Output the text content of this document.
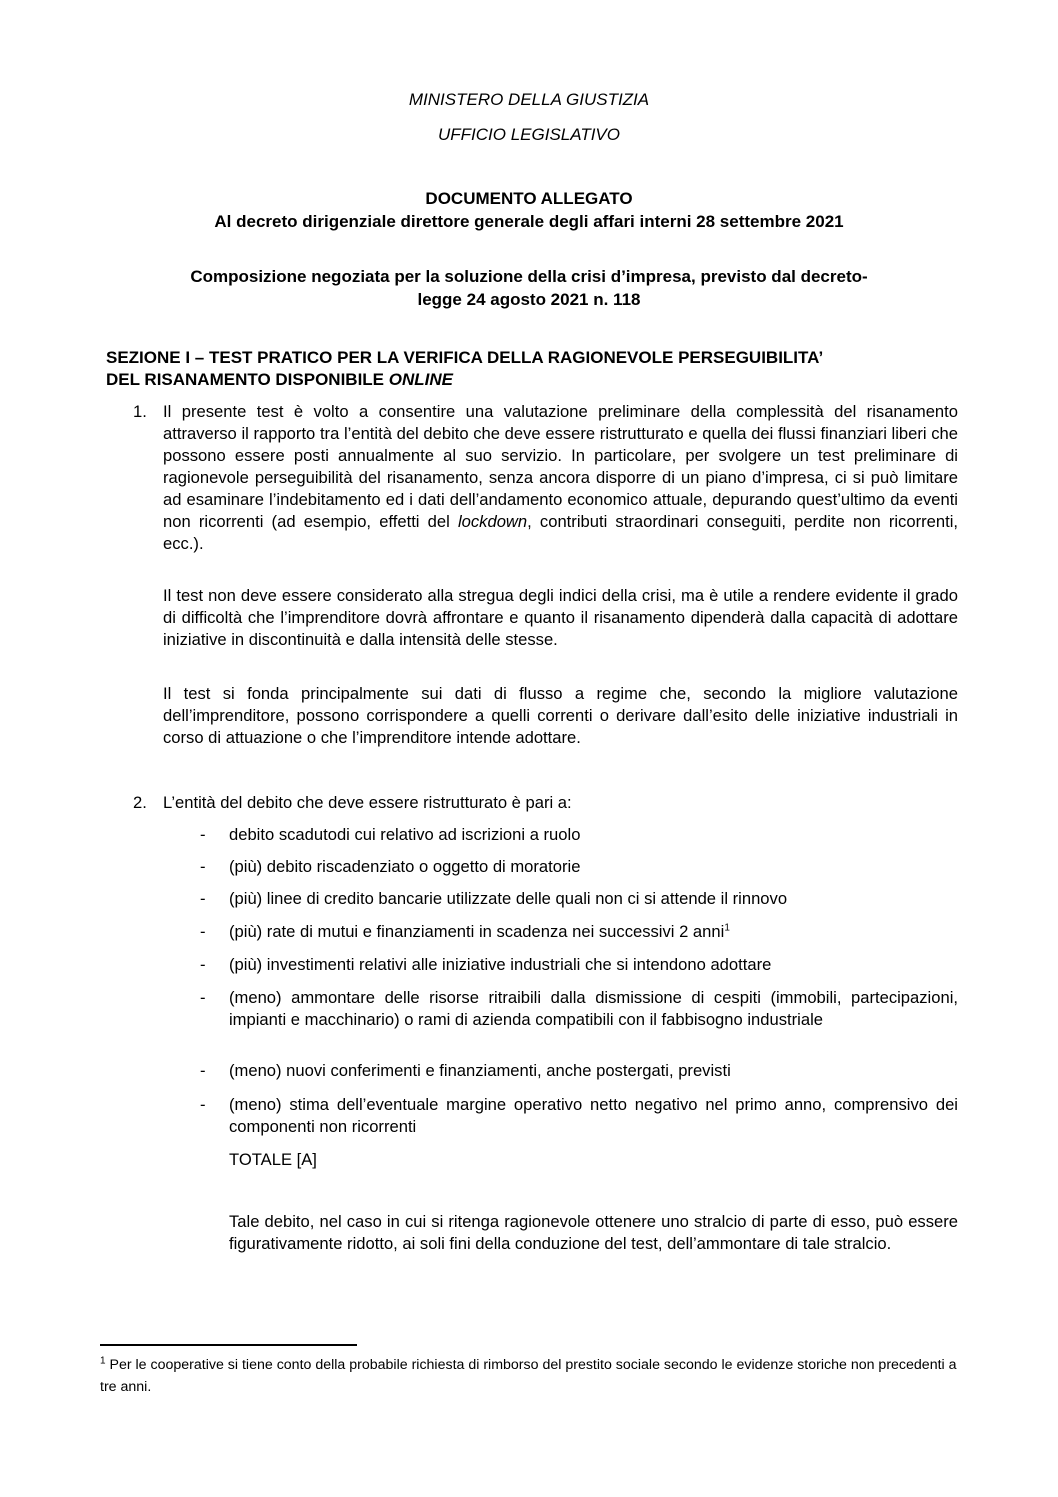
MINISTERO DELLA GIUSTIZIA
UFFICIO LEGISLATIVO
DOCUMENTO ALLEGATO
Al decreto dirigenziale direttore generale degli affari interni 28 settembre 2021
Composizione negoziata per la soluzione della crisi d’impresa, previsto dal decreto-
legge 24 agosto 2021 n. 118
SEZIONE I – TEST PRATICO PER LA VERIFICA DELLA RAGIONEVOLE PERSEGUIBILITA’
DEL RISANAMENTO DISPONIBILE ONLINE
1. Il presente test è volto a consentire una valutazione preliminare della complessità del risanamento attraverso il rapporto tra l’entità del debito che deve essere ristrutturato e quella dei flussi finanziari liberi che possono essere posti annualmente al suo servizio. In particolare, per svolgere un test preliminare di ragionevole perseguibilità del risanamento, senza ancora disporre di un piano d’impresa, ci si può limitare ad esaminare l’indebitamento ed i dati dell’andamento economico attuale, depurando quest’ultimo da eventi non ricorrenti (ad esempio, effetti del lockdown, contributi straordinari conseguiti, perdite non ricorrenti, ecc.).
Il test non deve essere considerato alla stregua degli indici della crisi, ma è utile a rendere evidente il grado di difficoltà che l’imprenditore dovrà affrontare e quanto il risanamento dipenderà dalla capacità di adottare iniziative in discontinuità e dalla intensità delle stesse.
Il test si fonda principalmente sui dati di flusso a regime che, secondo la migliore valutazione dell’imprenditore, possono corrispondere a quelli correnti o derivare dall’esito delle iniziative industriali in corso di attuazione o che l’imprenditore intende adottare.
2. L’entità del debito che deve essere ristrutturato è pari a:
- debito scadutodi cui relativo ad iscrizioni a ruolo
- (più) debito riscadenziato o oggetto di moratorie
- (più) linee di credito bancarie utilizzate delle quali non ci si attende il rinnovo
- (più) rate di mutui e finanziamenti in scadenza nei successivi 2 anni$^1$
- (più) investimenti relativi alle iniziative industriali che si intendono adottare
- (meno) ammontare delle risorse ritraibili dalla dismissione di cespiti (immobili, partecipazioni, impianti e macchinario) o rami di azienda compatibili con il fabbisogno industriale
- (meno) nuovi conferimenti e finanziamenti, anche postergati, previsti
- (meno) stima dell’eventuale margine operativo netto negativo nel primo anno, comprensivo dei componenti non ricorrenti
TOTALE [A]
Tale debito, nel caso in cui si ritenga ragionevole ottenere uno stralcio di parte di esso, può essere figurativamente ridotto, ai soli fini della conduzione del test, dell’ammontare di tale stralcio.
$^1$ Per le cooperative si tiene conto della probabile richiesta di rimborso del prestito sociale secondo le evidenze storiche non precedenti a tre anni.
